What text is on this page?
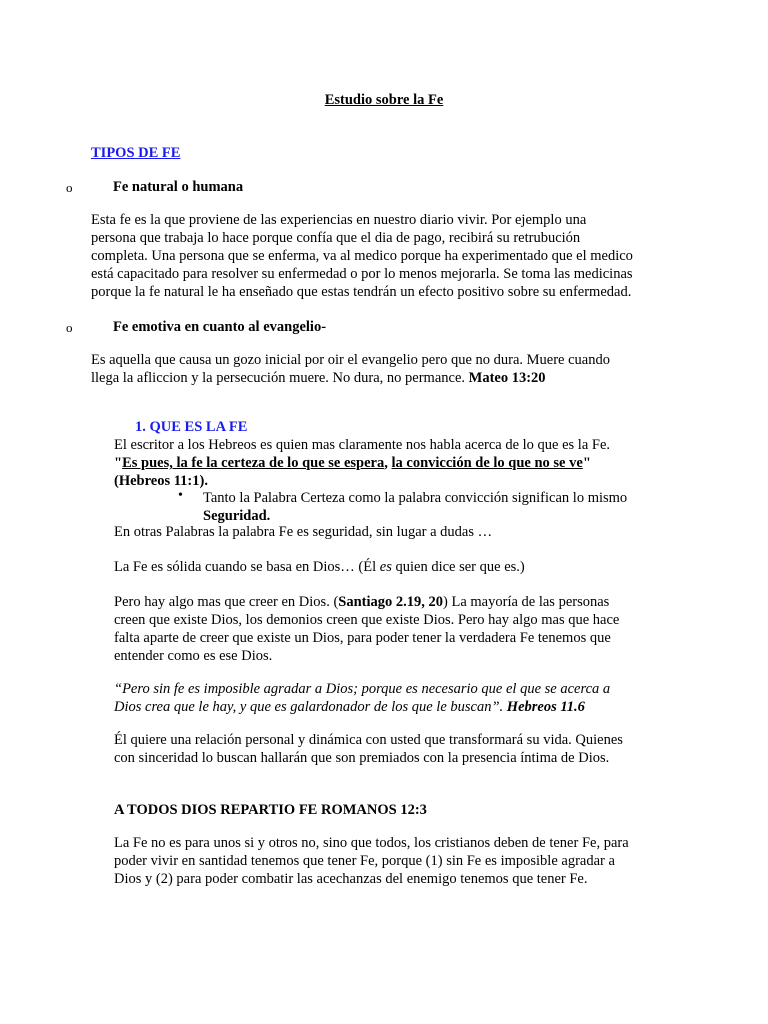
Estudio sobre la Fe
TIPOS DE FE
o	Fe natural o humana
Esta fe es la que proviene de las experiencias en nuestro diario vivir. Por ejemplo una
persona que trabaja lo hace porque confía que el dia de pago, recibirá su retrubución
completa. Una persona que se enferma, va al medico porque ha experimentado que el medico
está capacitado para resolver su enfermedad o por lo menos mejorarla. Se toma las medicinas
porque la fe natural le ha enseñado que estas tendrán un efecto positivo sobre su enfermedad.
o	Fe emotiva en cuanto al evangelio-
Es aquella que causa un gozo inicial por oir el evangelio pero que no dura. Muere cuando
llega la afliccion y la persecución muere. No dura, no permance. Mateo 13:20
1. QUE ES LA FE
El escritor a los Hebreos es quien mas claramente nos habla acerca de lo que es la Fe.
"Es pues, la fe la certeza de lo que se espera, la convicción de lo que no se ve"
(Hebreos 11:1).
• Tanto la Palabra Certeza como la palabra convicción significan lo mismo
Seguridad.
En otras Palabras la palabra Fe es seguridad, sin lugar a dudas …
La Fe es sólida cuando se basa en Dios… (Él es quien dice ser que es.)
Pero hay algo mas que creer en Dios. (Santiago 2.19, 20) La mayoría de las personas
creen que existe Dios, los demonios creen que existe Dios. Pero hay algo mas que hace
falta aparte de creer que existe un Dios, para poder tener la verdadera Fe tenemos que
entender como es ese Dios.
“Pero sin fe es imposible agradar a Dios; porque es necesario que el que se acerca a
Dios crea que le hay, y que es galardonador de los que le buscan”. Hebreos 11.6
Él quiere una relación personal y dinámica con usted que transformará su vida. Quienes
con sinceridad lo buscan hallarán que son premiados con la presencia íntima de Dios.
A TODOS DIOS REPARTIO FE ROMANOS 12:3
La Fe no es para unos si y otros no, sino que todos, los cristianos deben de tener Fe, para
poder vivir en santidad tenemos que tener Fe, porque (1) sin Fe es imposible agradar a
Dios y (2) para poder combatir las acechanzas del enemigo tenemos que tener Fe.
